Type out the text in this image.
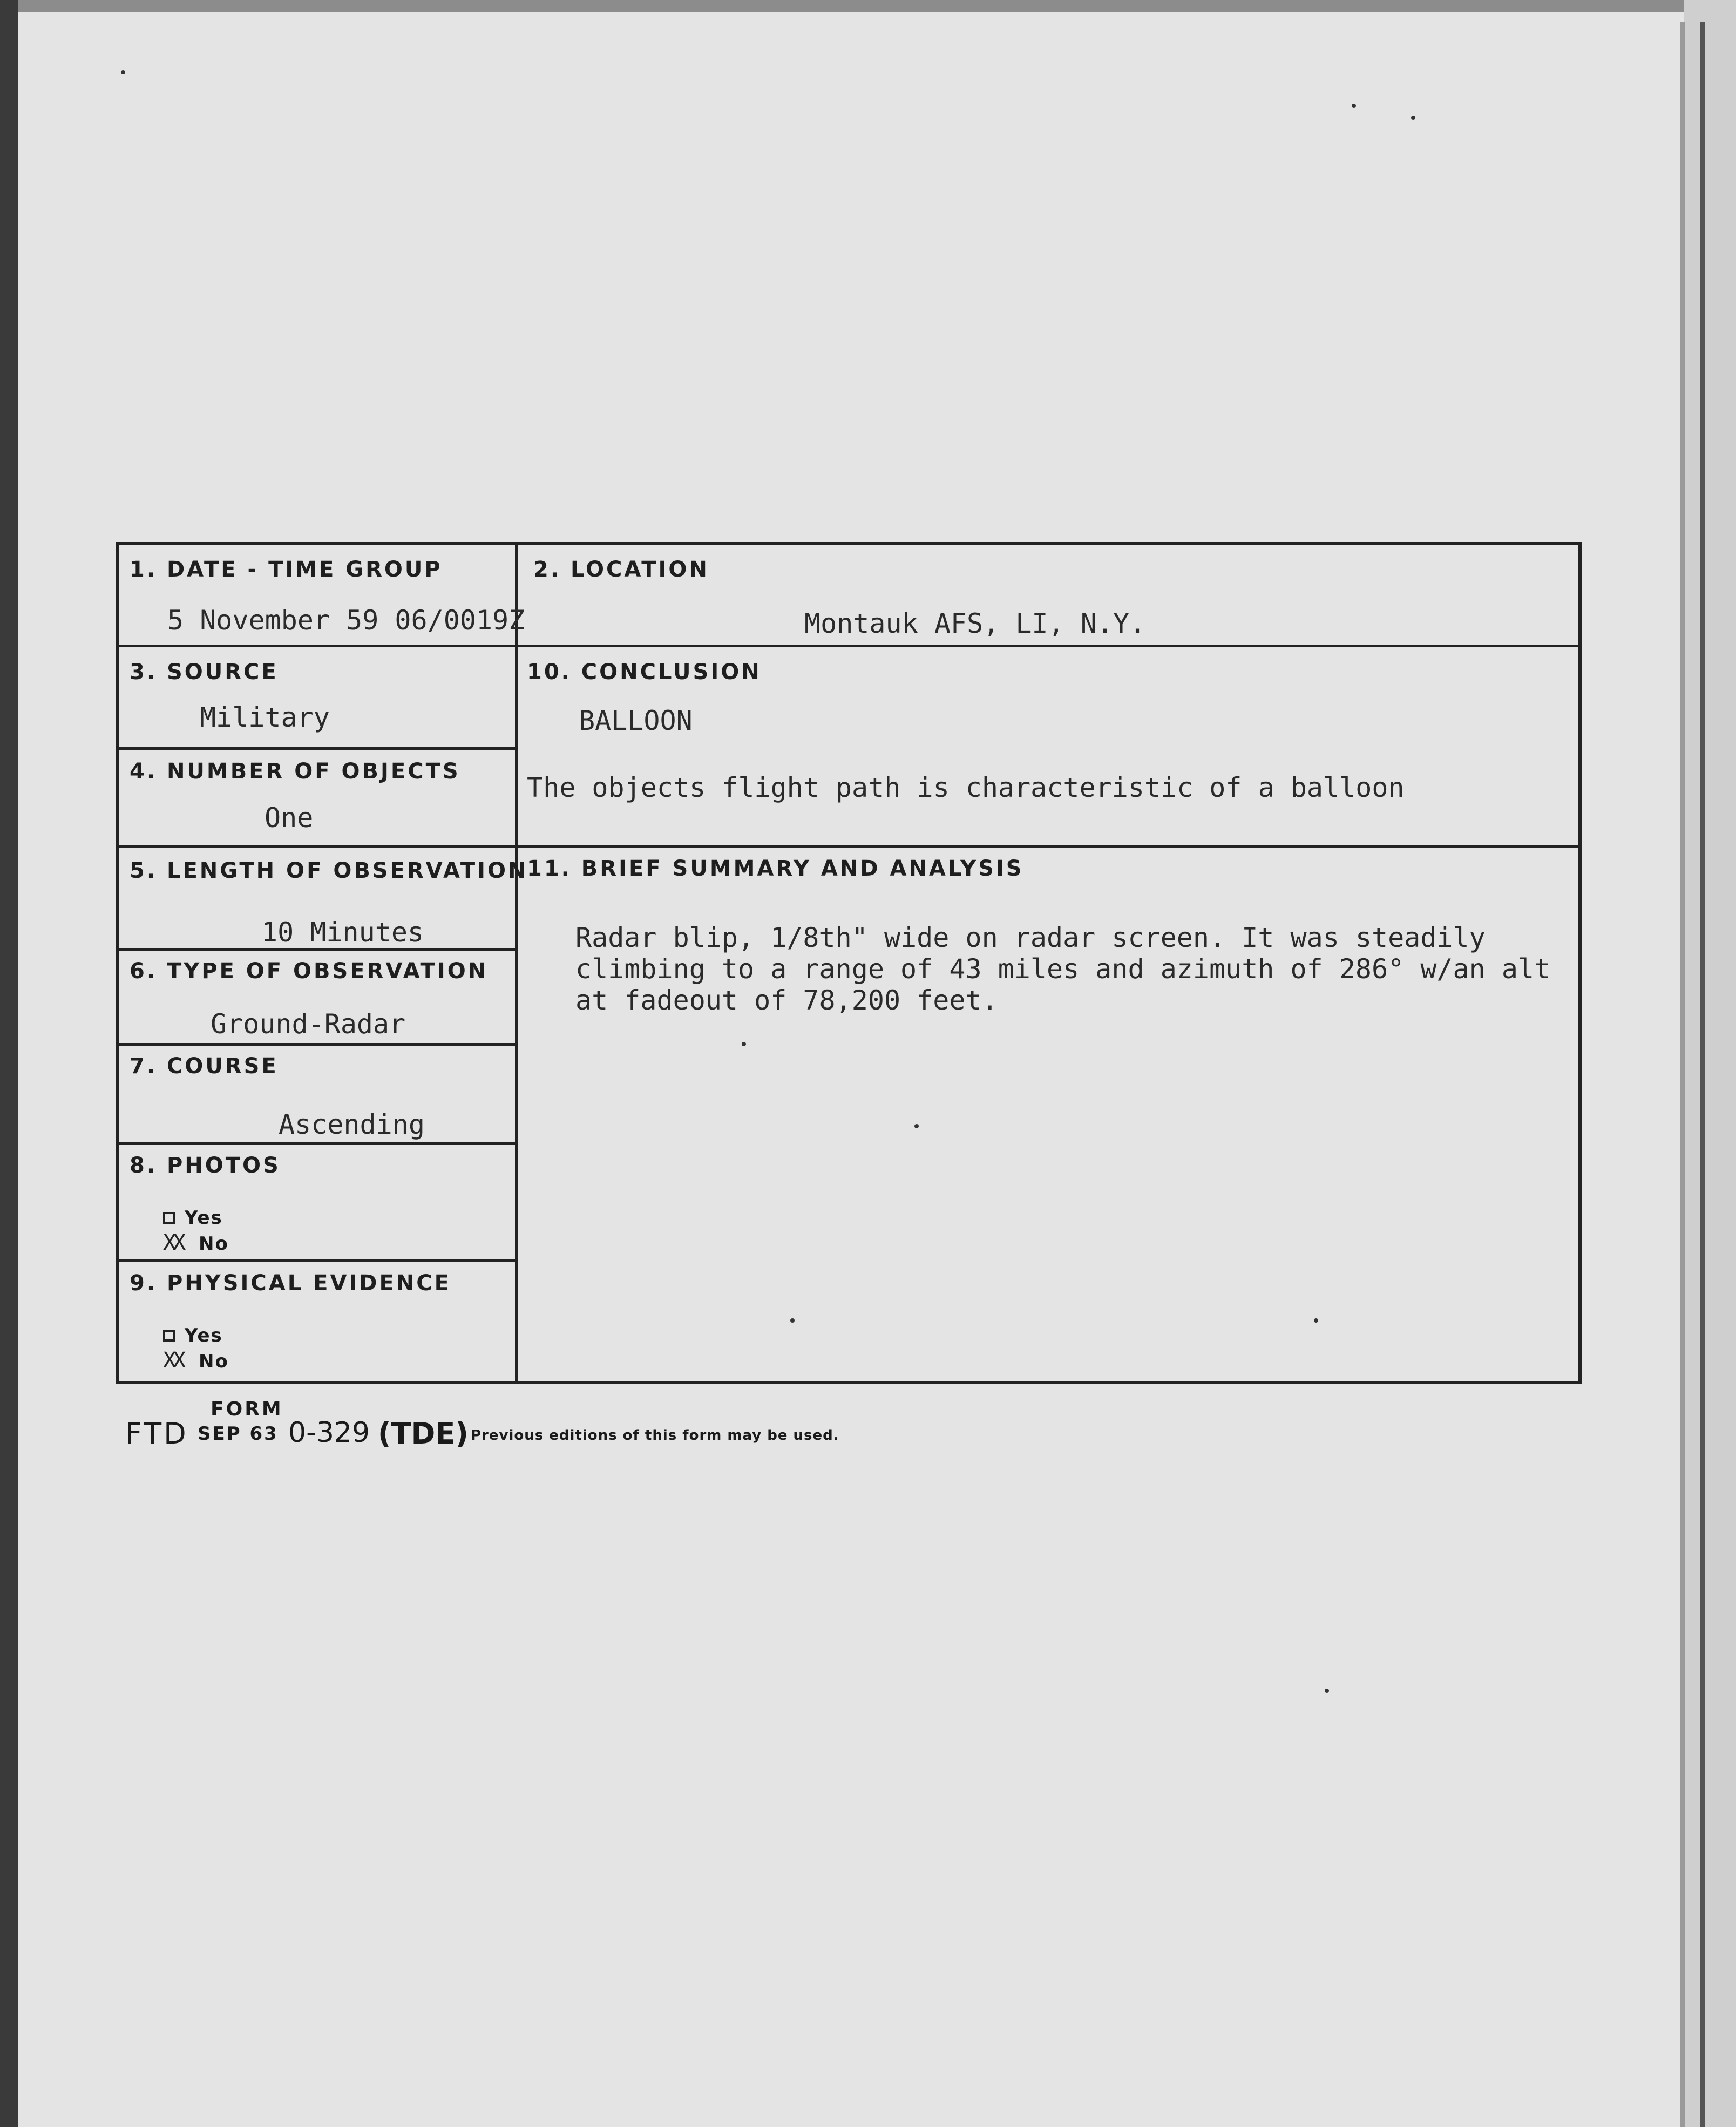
1. DATE - TIME GROUP
5 November 59 06/0019Z
2. LOCATION
Montauk AFS, LI, N.Y.
3. SOURCE
Military
4. NUMBER OF OBJECTS
One
5. LENGTH OF OBSERVATION
10 Minutes
6. TYPE OF OBSERVATION
Ground-Radar
7. COURSE
Ascending
8. PHOTOS
Yes
XX
No
9. PHYSICAL EVIDENCE
Yes
XX
No
10. CONCLUSION
BALLOON
The objects flight path is characteristic of a balloon
11. BRIEF SUMMARY AND ANALYSIS
Radar blip, 1/8th" wide on radar screen. It was steadily
climbing to a range of 43 miles and azimuth of 286° w/an alt
at fadeout of 78,200 feet.
FORM
FTD SEP 63 0-329 (TDE) Previous editions of this form may be used.
